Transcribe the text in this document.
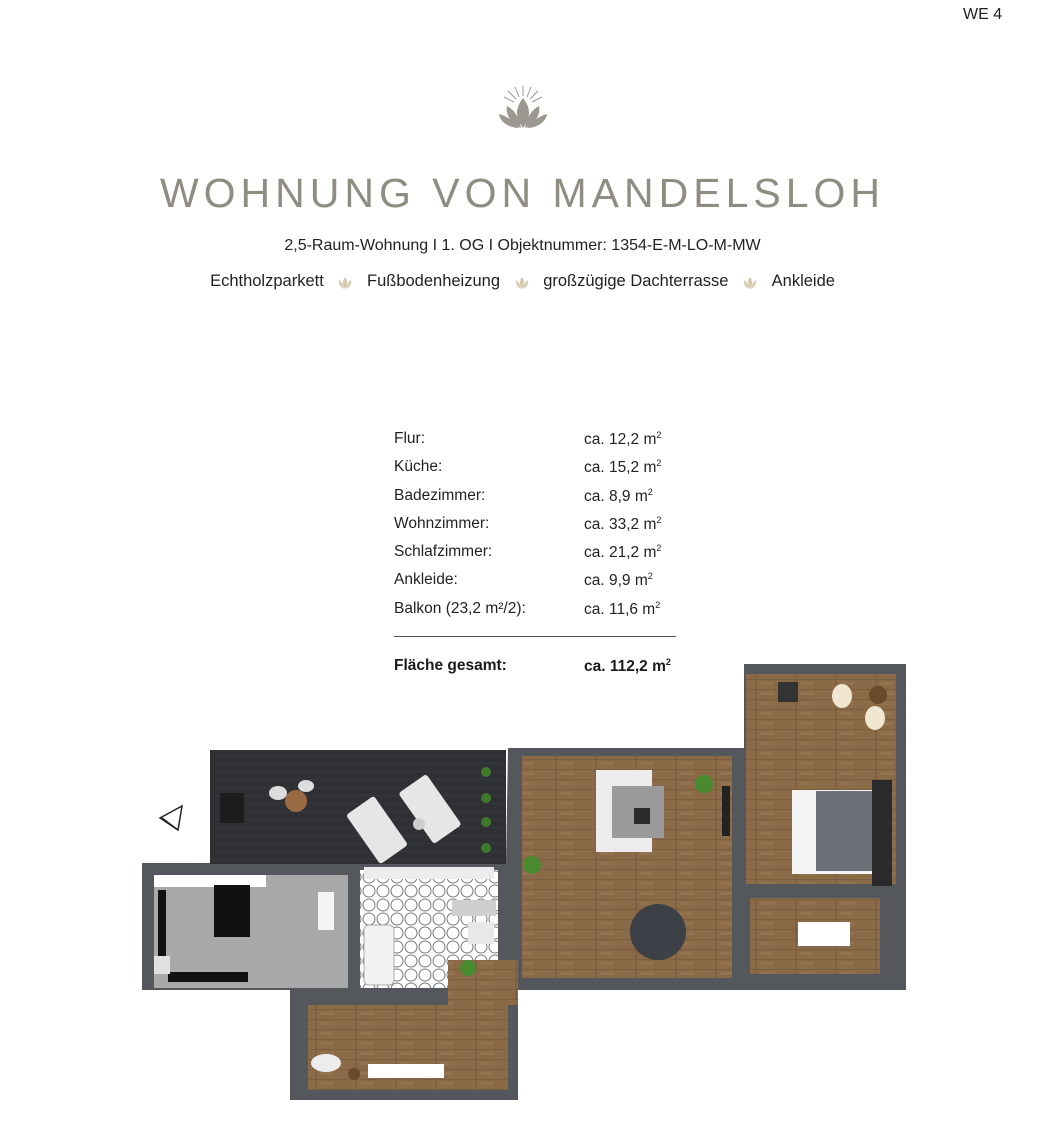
WE 4
WOHNUNG VON MANDELSLOH
2,5-Raum-Wohnung I 1. OG I Objektnummer: 1354-E-M-LO-M-MW
Echtholzparkett	Fußbodenheizung	großzügige Dachterrasse	Ankleide
Flur:	ca. 12,2 $m^2$
Küche:	ca. 15,2 $m^2$
Badezimmer:	ca. 8,9 $m^2$
Wohnzimmer:	ca. 33,2 $m^2$
Schlafzimmer:	ca. 21,2 $m^2$
Ankleide:	ca. 9,9 $m^2$
Balkon (23,2 m²/2):	ca. 11,6 $m^2$
Fläche gesamt:	ca. 112,2 $m^2$
